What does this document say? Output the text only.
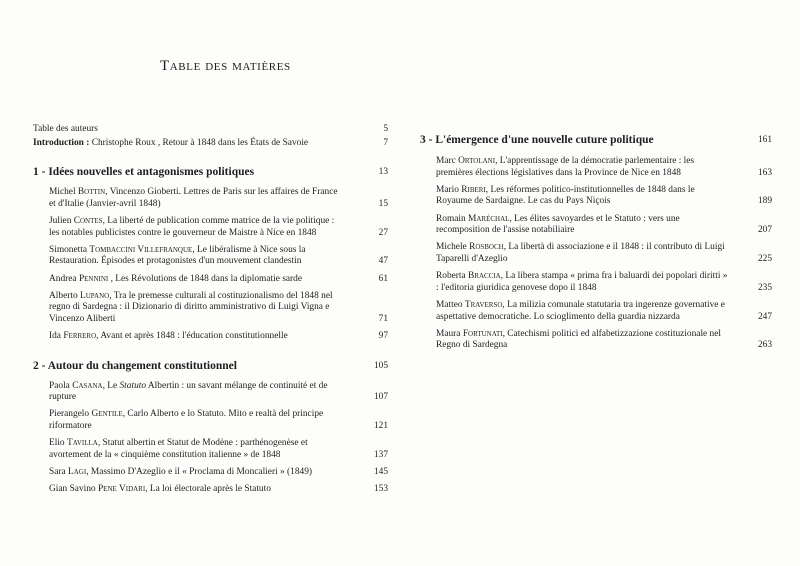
Table des matières
Table des auteurs	5
Introduction : Christophe Roux , Retour à 1848 dans les États de Savoie	7
1 - Idées nouvelles et antagonismes politiques	13
Michel Bottin, Vincenzo Gioberti. Lettres de Paris sur les affaires de France et d'Italie (Janvier-avril 1848)	15
Julien Contes, La liberté de publication comme matrice de la vie politique : les notables publicistes contre le gouverneur de Maistre à Nice en 1848	27
Simonetta Tombaccini Villefranque, Le libéralisme à Nice sous la Restauration. Épisodes et protagonistes d'un mouvement clandestin	47
Andrea Pennini , Les Révolutions de 1848 dans la diplomatie sarde	61
Alberto Lupano, Tra le premesse culturali al costituzionalismo del 1848 nel regno di Sardegna : il Dizionario di diritto amministrativo di Luigi Vigna e Vincenzo Aliberti	71
Ida Ferrero, Avant et après 1848 : l'éducation constitutionnelle	97
2 - Autour du changement constitutionnel	105
Paola Casana, Le Statuto Albertin : un savant mélange de continuité et de rupture	107
Pierangelo Gentile, Carlo Alberto e lo Statuto. Mito e realtà del principe riformatore	121
Elio Tavilla, Statut albertin et Statut de Modène : parthénogenèse et avortement de la « cinquième constitution italienne » de 1848	137
Sara Lagi, Massimo D'Azeglio e il « Proclama di Moncalieri » (1849)	145
Gian Savino Pene Vidari, La loi électorale après le Statuto	153
3 - L'émergence d'une nouvelle cuture politique	161
Marc Ortolani, L'apprentissage de la démocratie parlementaire : les premières élections législatives dans la Province de Nice en 1848	163
Mario Riberi, Les réformes politico-institutionnelles de 1848 dans le Royaume de Sardaigne. Le cas du Pays Niçois	189
Romain Maréchal, Les élites savoyardes et le Statuto : vers une recomposition de l'assise notabiliaire	207
Michele Rosboch, La libertà di associazione e il 1848 : il contributo di Luigi Taparelli d'Azeglio	225
Roberta Braccia, La libera stampa « prima fra i baluardi dei popolari diritti » : l'editoria giuridica genovese dopo il 1848	235
Matteo Traverso, La milizia comunale statutaria tra ingerenze governative e aspettative democratiche. Lo scioglimento della guardia nizzarda	247
Maura Fortunati, Catechismi politici ed alfabetizzazione costituzionale nel Regno di Sardegna	263
